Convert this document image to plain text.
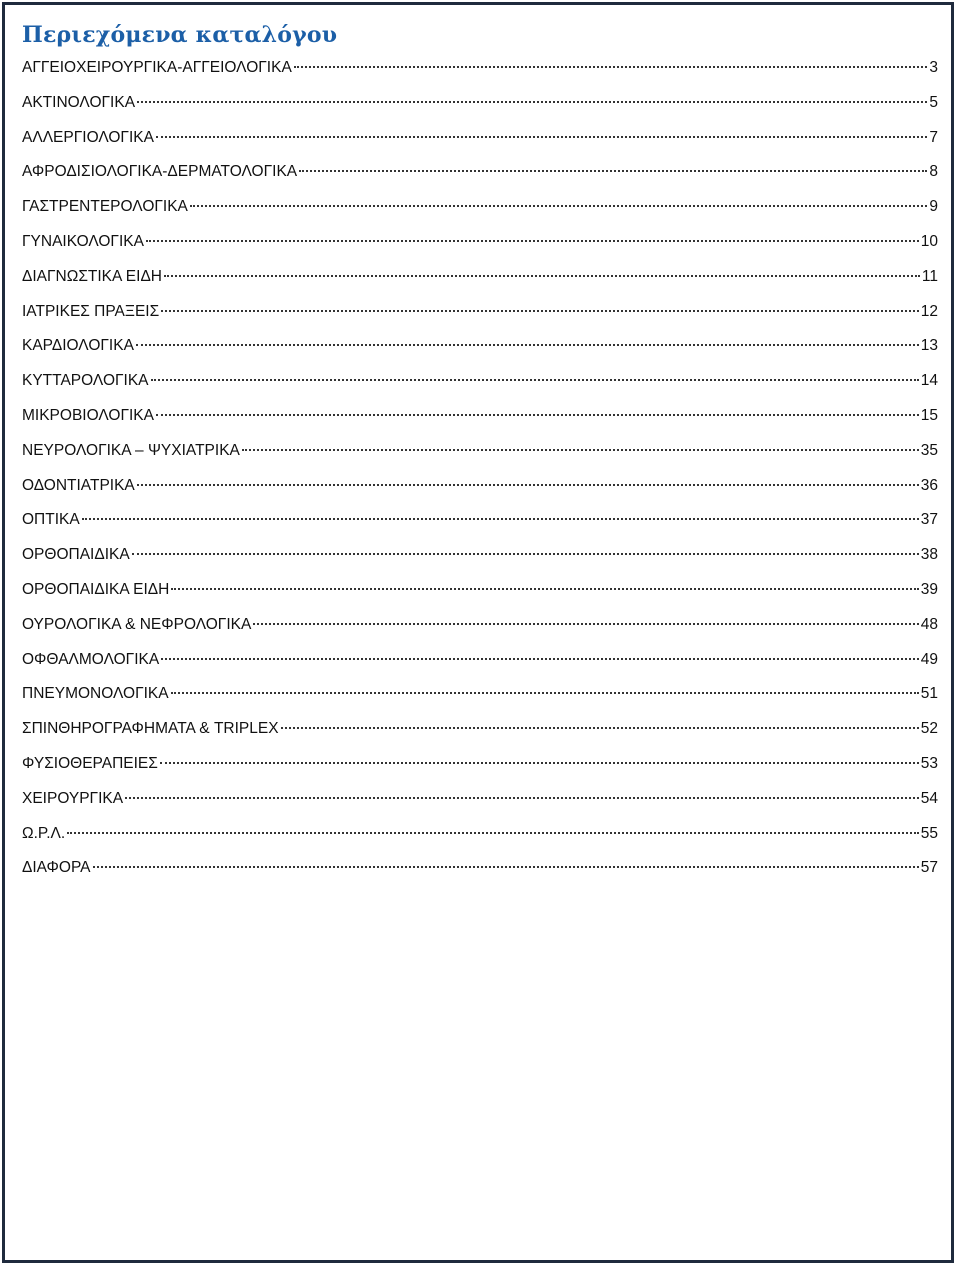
Περιεχόμενα καταλόγου
ΑΓΓΕΙΟΧΕΙΡΟΥΡΓΙΚΑ-ΑΓΓΕΙΟΛΟΓΙΚΑ	3
ΑΚΤΙΝΟΛΟΓΙΚΑ	5
ΑΛΛΕΡΓΙΟΛΟΓΙΚΑ	7
ΑΦΡΟΔΙΣΙΟΛΟΓΙΚΑ-ΔΕΡΜΑΤΟΛΟΓΙΚΑ	8
ΓΑΣΤΡΕΝΤΕΡΟΛΟΓΙΚΑ	9
ΓΥΝΑΙΚΟΛΟΓΙΚΑ	10
ΔΙΑΓΝΩΣΤΙΚΑ ΕΙΔΗ	11
ΙΑΤΡΙΚΕΣ ΠΡΑΞΕΙΣ	12
ΚΑΡΔΙΟΛΟΓΙΚΑ	13
ΚΥΤΤΑΡΟΛΟΓΙΚΑ	14
ΜΙΚΡΟΒΙΟΛΟΓΙΚΑ	15
ΝΕΥΡΟΛΟΓΙΚΑ – ΨΥΧΙΑΤΡΙΚΑ	35
ΟΔΟΝΤΙΑΤΡΙΚΑ	36
ΟΠΤΙΚΑ	37
ΟΡΘΟΠΑΙΔΙΚΑ	38
ΟΡΘΟΠΑΙΔΙΚΑ ΕΙΔΗ	39
ΟΥΡΟΛΟΓΙΚΑ & ΝΕΦΡΟΛΟΓΙΚΑ	48
ΟΦΘΑΛΜΟΛΟΓΙΚΑ	49
ΠΝΕΥΜΟΝΟΛΟΓΙΚΑ	51
ΣΠΙΝΘΗΡΟΓΡΑΦΗΜΑΤΑ & TRIPLEX	52
ΦΥΣΙΟΘΕΡΑΠΕΙΕΣ	53
ΧΕΙΡΟΥΡΓΙΚΑ	54
Ω.Ρ.Λ.	55
ΔΙΑΦΟΡΑ	57
